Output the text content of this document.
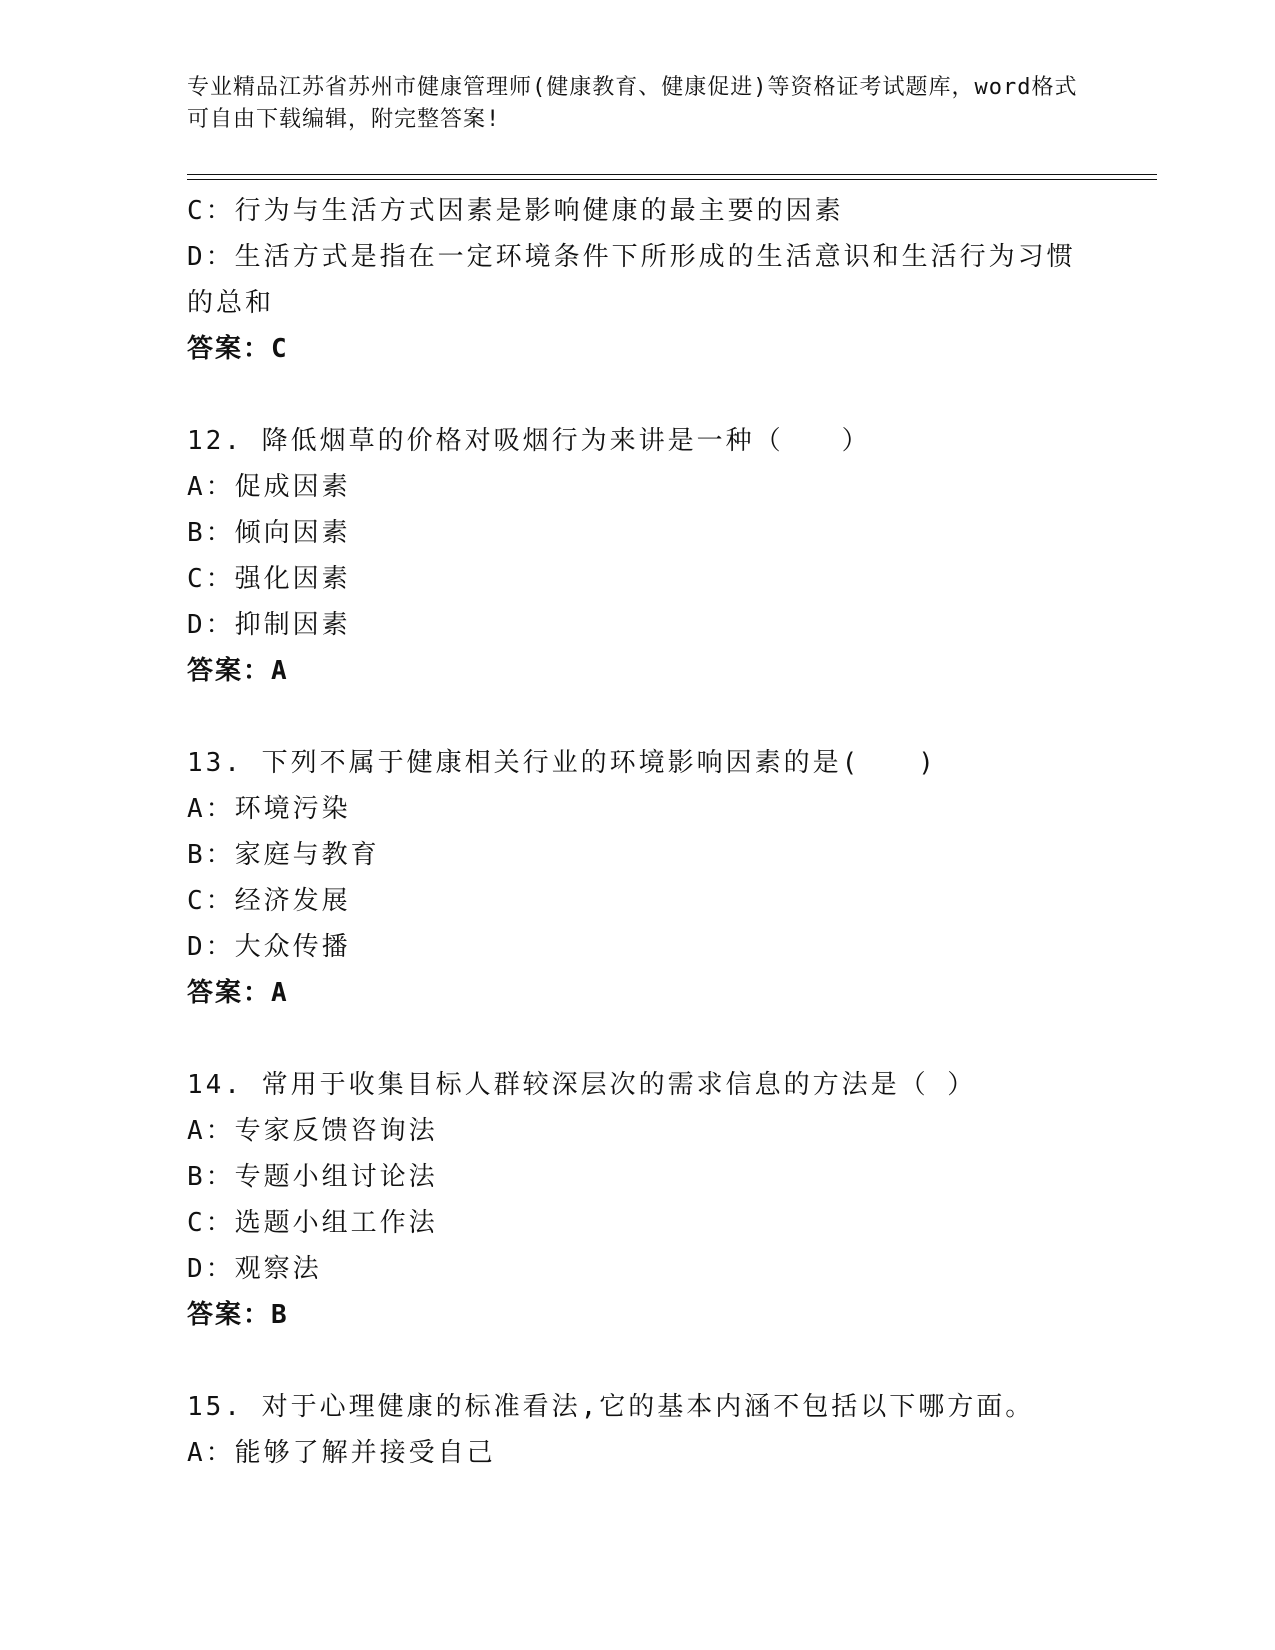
专业精品江苏省苏州市健康管理师(健康教育、健康促进)等资格证考试题库，word格式可自由下载编辑，附完整答案!

C：行为与生活方式因素是影响健康的最主要的因素

D：生活方式是指在一定环境条件下所形成的生活意识和生活行为习惯的总和

答案：C

12. 降低烟草的价格对吸烟行为来讲是一种（　　）

A：促成因素

B：倾向因素

C：强化因素

D：抑制因素

答案：A

13. 下列不属于健康相关行业的环境影响因素的是(　　)

A：环境污染

B：家庭与教育

C：经济发展

D：大众传播

答案：A

14. 常用于收集目标人群较深层次的需求信息的方法是（ ）

A：专家反馈咨询法

B：专题小组讨论法

C：选题小组工作法

D：观察法

答案：B

15. 对于心理健康的标准看法,它的基本内涵不包括以下哪方面。

A：能够了解并接受自己
